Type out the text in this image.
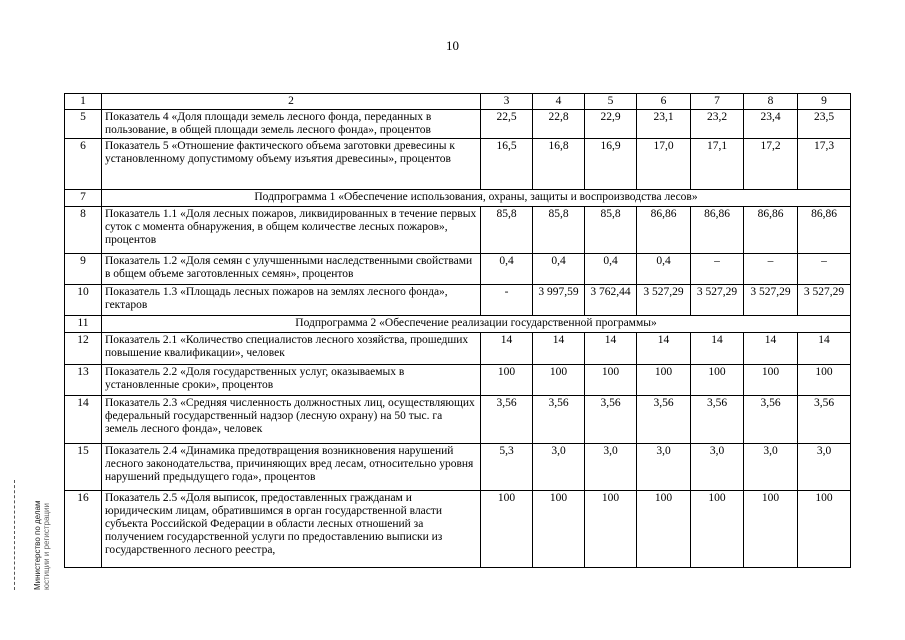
10
1	2	3	4	5	6	7	8	9
5	Показатель 4 «Доля площади земель лесного фонда, переданных в пользование, в общей площади земель лесного фонда», процентов	22,5	22,8	22,9	23,1	23,2	23,4	23,5
6	Показатель 5 «Отношение фактического объема заготовки древесины к установленному допустимому объему изъятия древесины», процентов	16,5	16,8	16,9	17,0	17,1	17,2	17,3
7	Подпрограмма 1 «Обеспечение использования, охраны, защиты и воспроизводства лесов»							
8	Показатель 1.1 «Доля лесных пожаров, ликвидированных в течение первых суток с момента обнаружения, в общем количестве лесных пожаров», процентов	85,8	85,8	85,8	86,86	86,86	86,86	86,86
9	Показатель 1.2 «Доля семян с улучшенными наследственными свойствами в общем объеме заготовленных семян», процентов	0,4	0,4	0,4	0,4	–	–	–
10	Показатель 1.3 «Площадь лесных пожаров на землях лесного фонда», гектаров	-	3 997,59	3 762,44	3 527,29	3 527,29	3 527,29	3 527,29
11	Подпрограмма 2 «Обеспечение реализации государственной программы»							
12	Показатель 2.1 «Количество специалистов лесного хозяйства, прошедших повышение квалификации», человек	14	14	14	14	14	14	14
13	Показатель 2.2 «Доля государственных услуг, оказываемых в установленные сроки», процентов	100	100	100	100	100	100	100
14	Показатель 2.3 «Средняя численность должностных лиц, осуществляющих федеральный государственный надзор (лесную охрану) на 50 тыс. га земель лесного фонда», человек	3,56	3,56	3,56	3,56	3,56	3,56	3,56
15	Показатель 2.4 «Динамика предотвращения возникновения нарушений лесного законодательства, причиняющих вред лесам, относительно уровня нарушений предыдущего года», процентов	5,3	3,0	3,0	3,0	3,0	3,0	3,0
16	Показатель 2.5 «Доля выписок, предоставленных гражданам и юридическим лицам, обратившимся в орган государственной власти субъекта Российской Федерации в области лесных отношений за получением государственной услуги по предоставлению выписки из государственного лесного реестра,	100	100	100	100	100	100	100
Министерство по делам юстиции и регистрации
